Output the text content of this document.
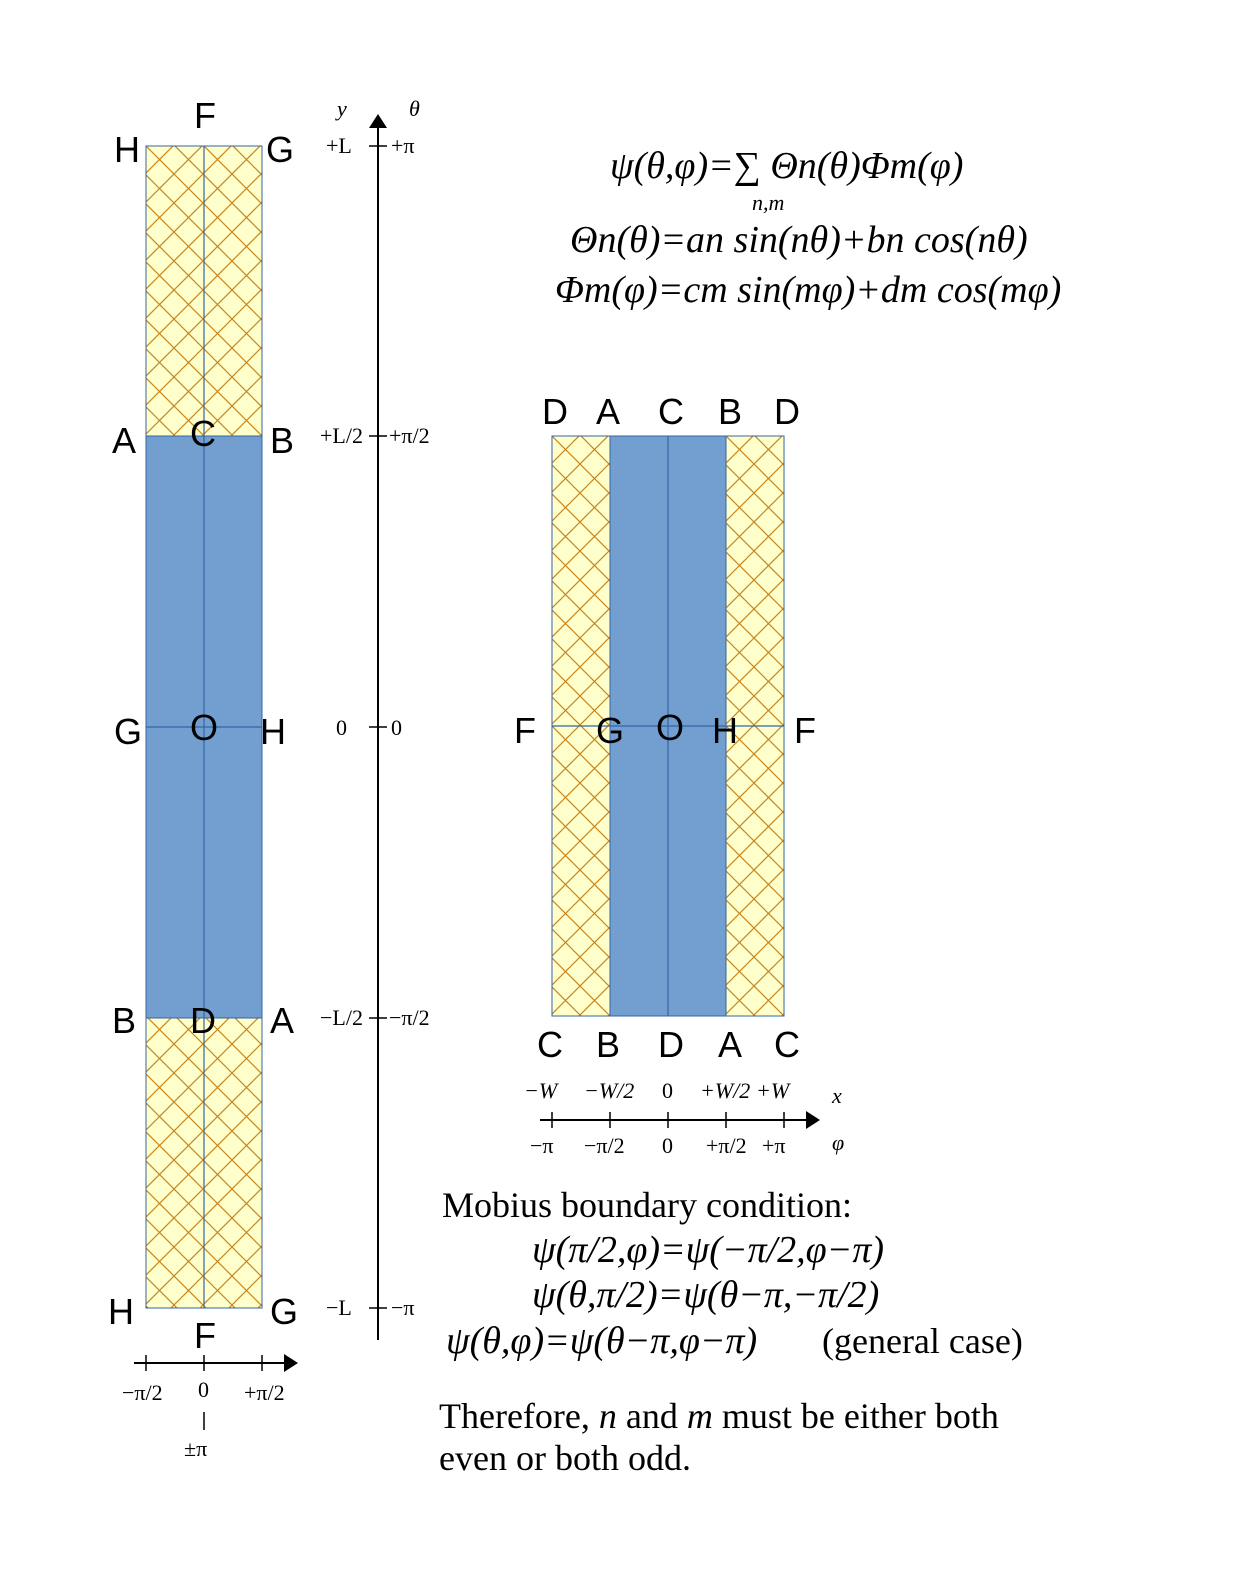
F
H	G
A C B
G O H
B D A
H	G
F
−π/2 0 +π/2
±π
y	θ
+L
+L/2
0
−L/2
−L
+π
+π/2
0
−π/2
−π
ψ(θ,φ)=∑ Θn(θ)Φm(φ)
n,m
Θn(θ)=an sin(nθ)+bn cos(nθ)
Φm(φ)=cm sin(mφ)+dm cos(mφ)
D A C B D
F G O H F
C B D A C
−W −W/2 0 +W/2 +W x
−π −π/2 0 +π/2 +π φ
Mobius boundary condition:
ψ(π/2,φ)=ψ(−π/2,φ−π)
ψ(θ,π/2)=ψ(θ−π,−π/2)
ψ(θ,φ)=ψ(θ−π,φ−π) (general case)
Therefore, n and m must be either both
even or both odd.
